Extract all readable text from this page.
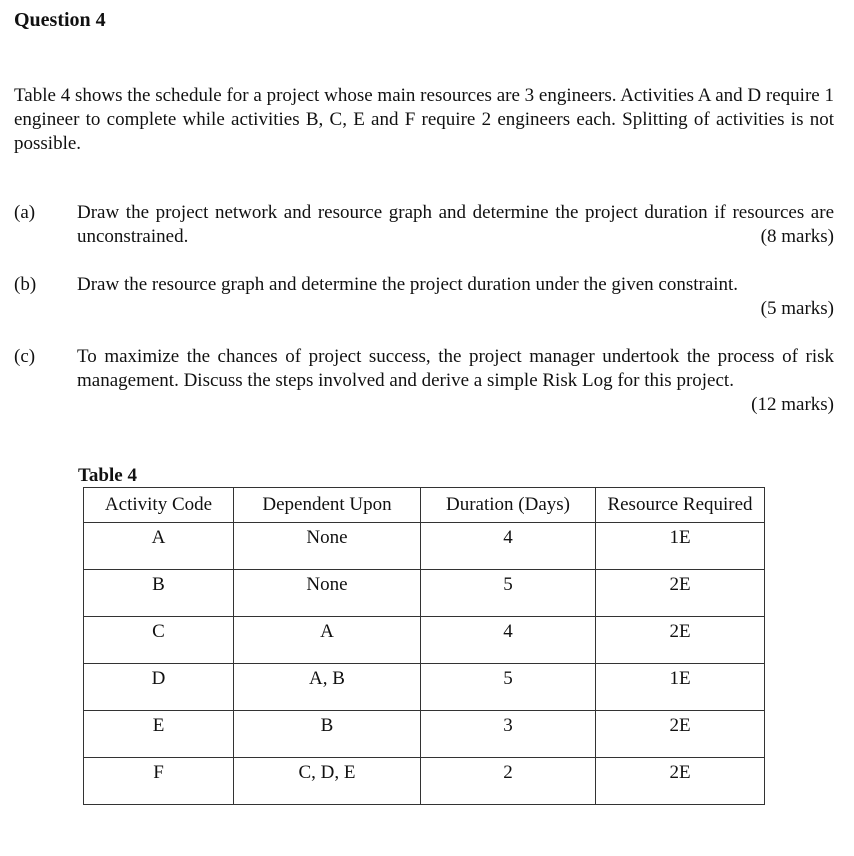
Question 4

Table 4 shows the schedule for a project whose main resources are 3 engineers. Activities A and D require 1 engineer to complete while activities B, C, E and F require 2 engineers each. Splitting of activities is not possible.

(a) Draw the project network and resource graph and determine the project duration if resources are unconstrained.	(8 marks)
(b) Draw the resource graph and determine the project duration under the given constraint.
(5 marks)
(c) To maximize the chances of project success, the project manager undertook the process of risk management. Discuss the steps involved and derive a simple Risk Log for this project.
(12 marks)
Table 4
Activity Code	Dependent Upon	Duration (Days)	Resource Required
A	None	4	1E
B	None	5	2E
C	A	4	2E
D	A, B	5	1E
E	B	3	2E
F	C, D, E	2	2E
